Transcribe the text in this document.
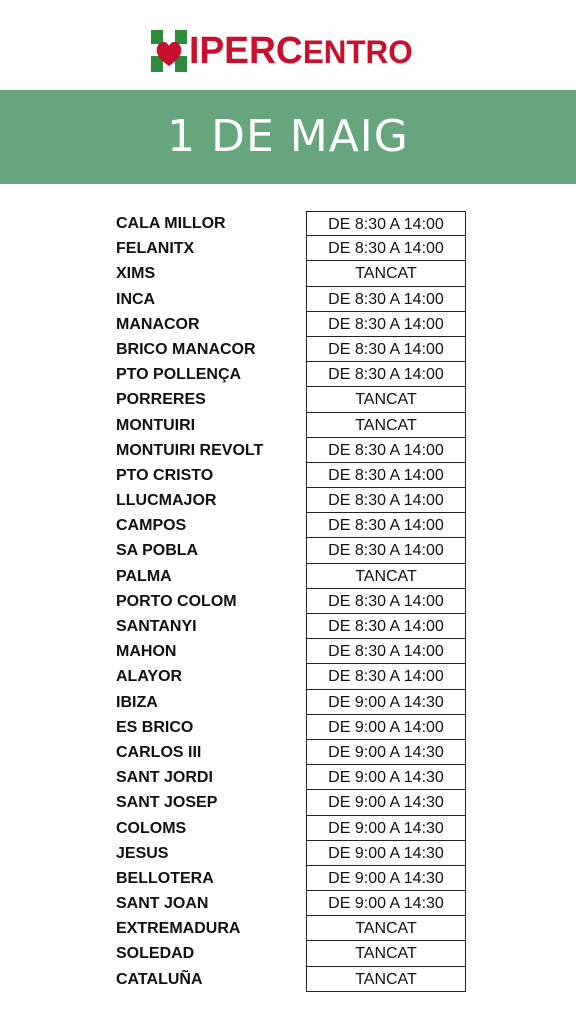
IPERCENTRO
1 DE MAIG
CALA MILLOR	DE 8:30 A 14:00
FELANITX	DE 8:30 A 14:00
XIMS	TANCAT
INCA	DE 8:30 A 14:00
MANACOR	DE 8:30 A 14:00
BRICO MANACOR	DE 8:30 A 14:00
PTO POLLENÇA	DE 8:30 A 14:00
PORRERES	TANCAT
MONTUIRI	TANCAT
MONTUIRI REVOLT	DE 8:30 A 14:00
PTO CRISTO	DE 8:30 A 14:00
LLUCMAJOR	DE 8:30 A 14:00
CAMPOS	DE 8:30 A 14:00
SA POBLA	DE 8:30 A 14:00
PALMA	TANCAT
PORTO COLOM	DE 8:30 A 14:00
SANTANYI	DE 8:30 A 14:00
MAHON	DE 8:30 A 14:00
ALAYOR	DE 8:30 A 14:00
IBIZA	DE 9:00 A 14:30
ES BRICO	DE 9:00 A 14:00
CARLOS III	DE 9:00 A 14:30
SANT JORDI	DE 9:00 A 14:30
SANT JOSEP	DE 9:00 A 14:30
COLOMS	DE 9:00 A 14:30
JESUS	DE 9:00 A 14:30
BELLOTERA	DE 9:00 A 14:30
SANT JOAN	DE 9:00 A 14:30
EXTREMADURA	TANCAT
SOLEDAD	TANCAT
CATALUÑA	TANCAT
